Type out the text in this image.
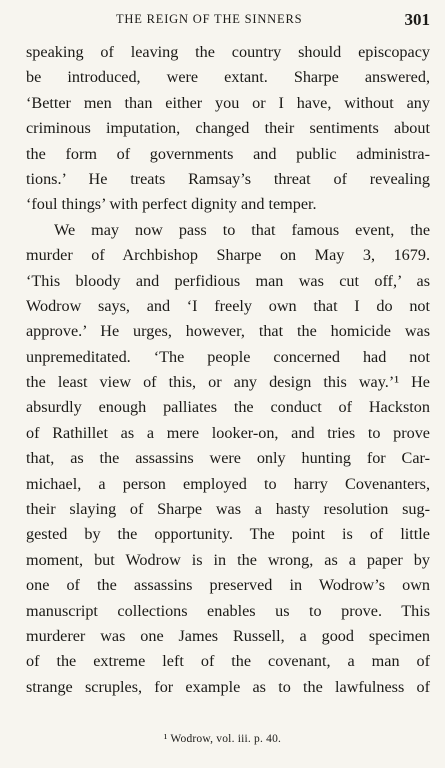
THE REIGN OF THE SINNERS	301
speaking of leaving the country should episcopacy
be introduced, were extant. Sharpe answered,
‘Better men than either you or I have, without any
criminous imputation, changed their sentiments about
the form of governments and public administra-
tions.’ He treats Ramsay’s threat of revealing
‘foul things’ with perfect dignity and temper.
We may now pass to that famous event, the
murder of Archbishop Sharpe on May 3, 1679.
‘This bloody and perfidious man was cut off,’ as
Wodrow says, and ‘I freely own that I do not
approve.’ He urges, however, that the homicide was
unpremeditated. ‘The people concerned had not
the least view of this, or any design this way.’¹ He
absurdly enough palliates the conduct of Hackston
of Rathillet as a mere looker-on, and tries to prove
that, as the assassins were only hunting for Car-
michael, a person employed to harry Covenanters,
their slaying of Sharpe was a hasty resolution sug-
gested by the opportunity. The point is of little
moment, but Wodrow is in the wrong, as a paper by
one of the assassins preserved in Wodrow’s own
manuscript collections enables us to prove. This
murderer was one James Russell, a good specimen
of the extreme left of the covenant, a man of
strange scruples, for example as to the lawfulness of
¹ Wodrow, vol. iii. p. 40.
